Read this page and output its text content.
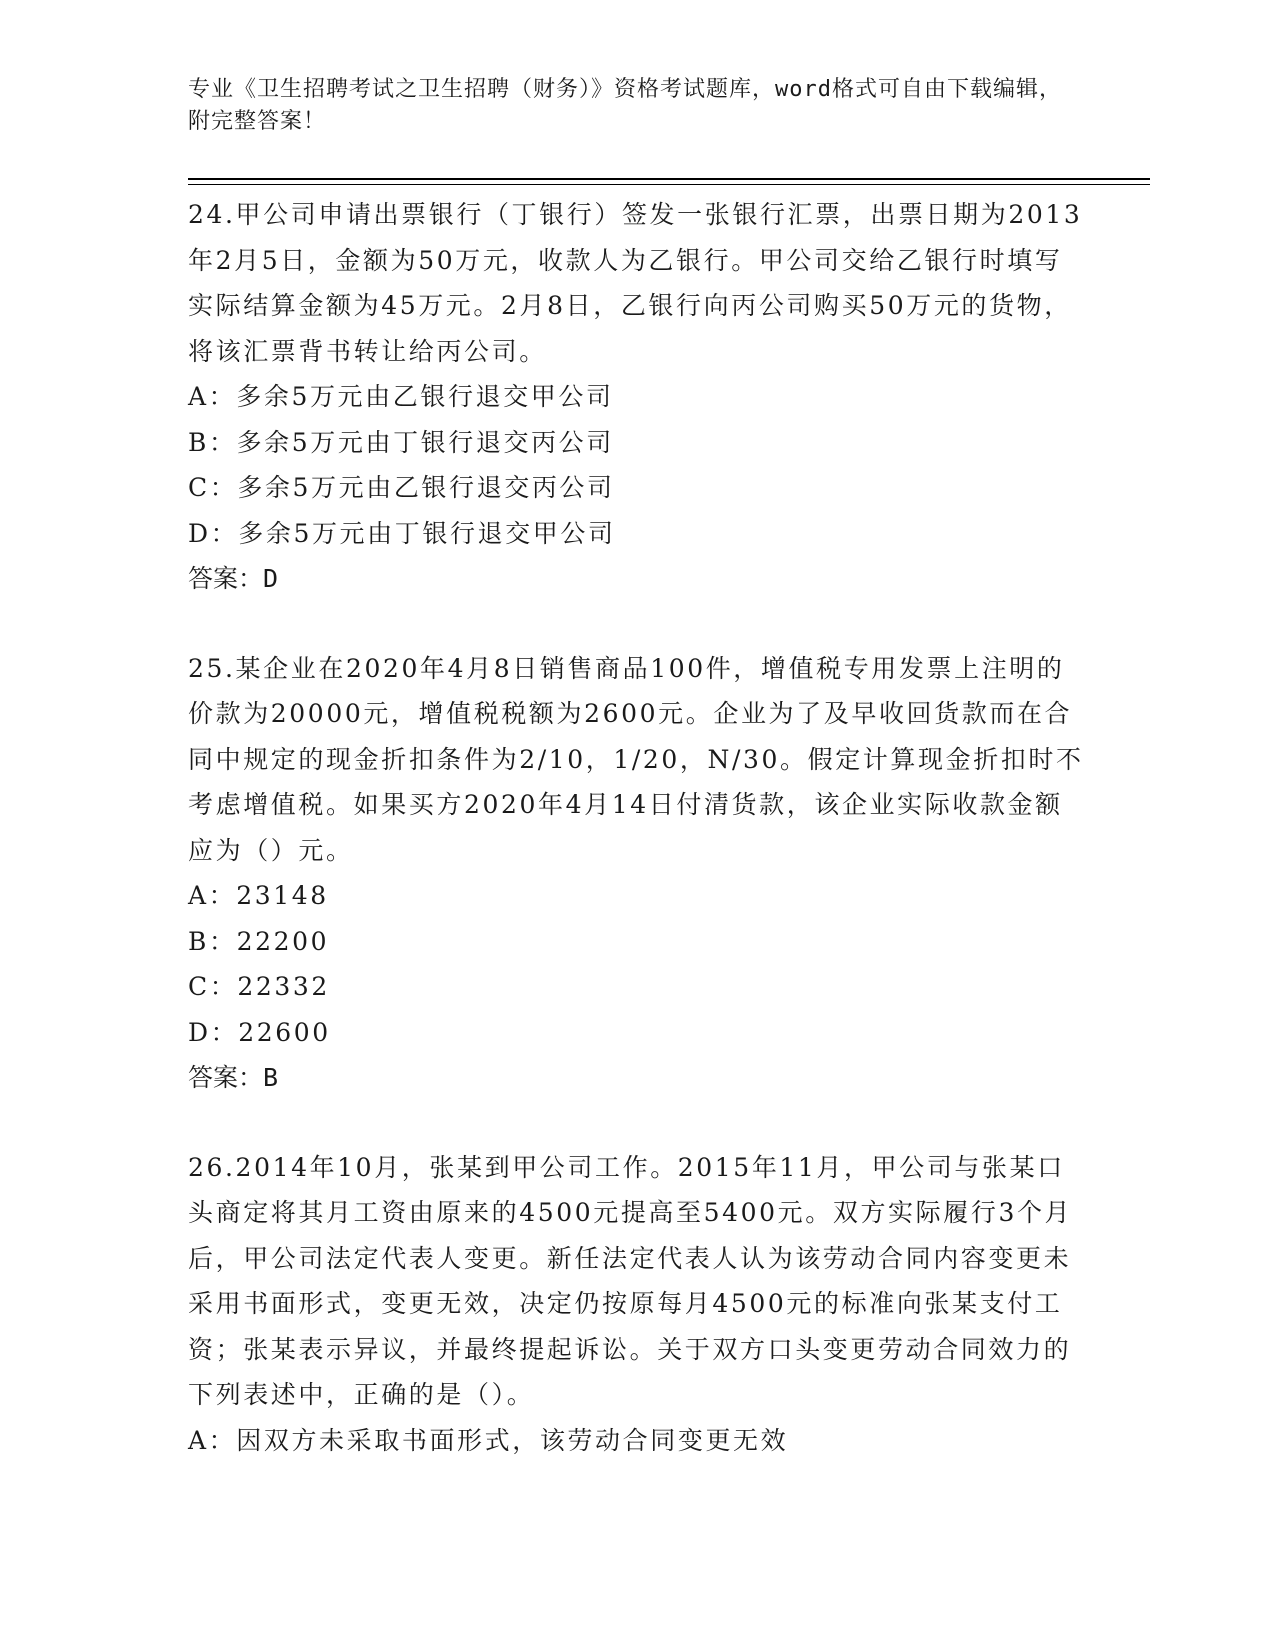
专业《卫生招聘考试之卫生招聘（财务）》资格考试题库，word格式可自由下载编辑，附完整答案！

24.甲公司申请出票银行（丁银行）签发一张银行汇票，出票日期为2013年2月5日，金额为50万元，收款人为乙银行。甲公司交给乙银行时填写实际结算金额为45万元。2月8日，乙银行向丙公司购买50万元的货物，将该汇票背书转让给丙公司。

A：多余5万元由乙银行退交甲公司

B：多余5万元由丁银行退交丙公司

C：多余5万元由乙银行退交丙公司

D：多余5万元由丁银行退交甲公司

答案：D

25.某企业在2020年4月8日销售商品100件，增值税专用发票上注明的价款为20000元，增值税税额为2600元。企业为了及早收回货款而在合同中规定的现金折扣条件为2/10，1/20，N/30。假定计算现金折扣时不考虑增值税。如果买方2020年4月14日付清货款，该企业实际收款金额应为（）元。

A：23148

B：22200

C：22332

D：22600

答案：B

26.2014年10月，张某到甲公司工作。2015年11月，甲公司与张某口头商定将其月工资由原来的4500元提高至5400元。双方实际履行3个月后，甲公司法定代表人变更。新任法定代表人认为该劳动合同内容变更未采用书面形式，变更无效，决定仍按原每月4500元的标准向张某支付工资；张某表示异议，并最终提起诉讼。关于双方口头变更劳动合同效力的下列表述中，正确的是（）。

A：因双方未采取书面形式，该劳动合同变更无效
